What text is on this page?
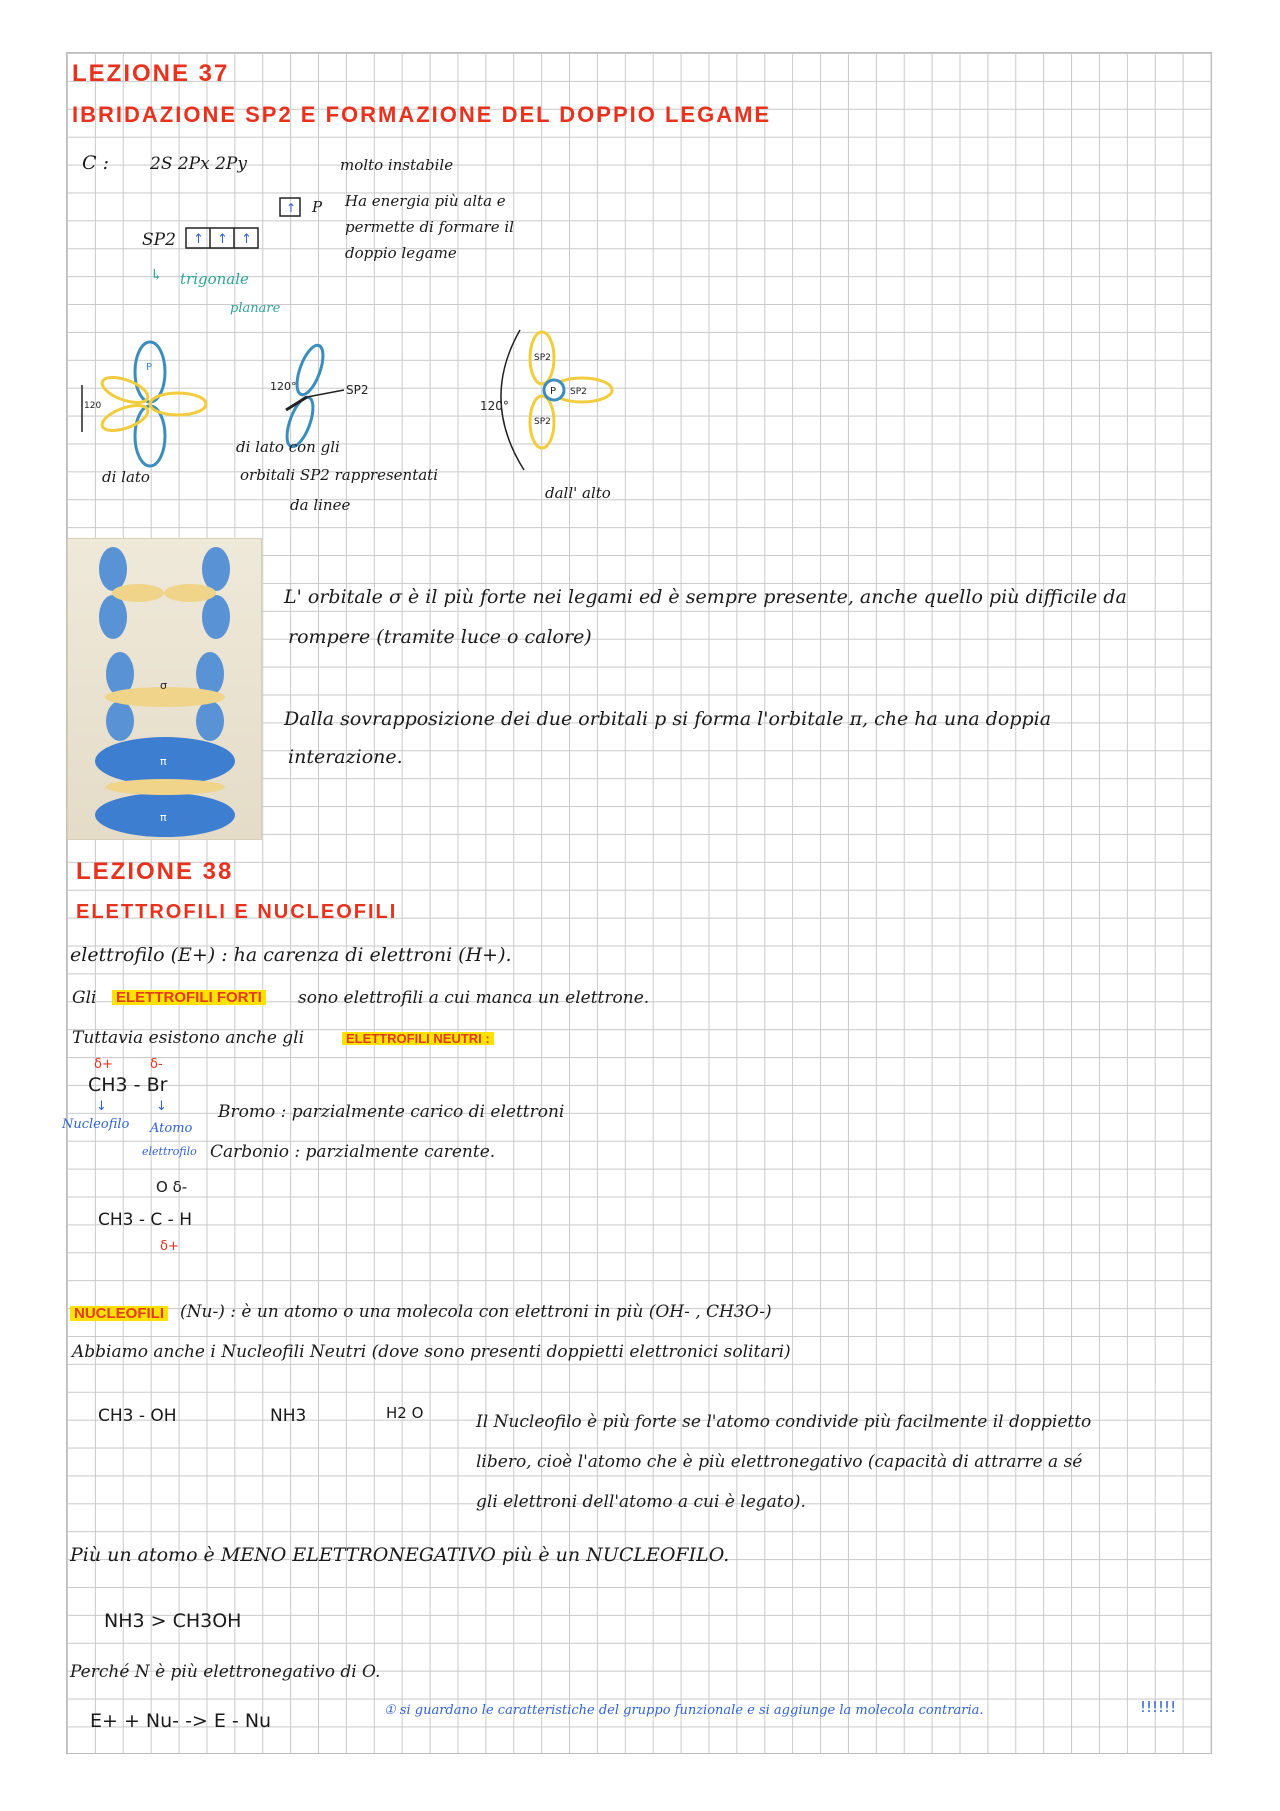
LEZIONE 37
IBRIDAZIONE SP2 E FORMAZIONE DEL DOPPIO LEGAME
C : 2S 2Px 2Py	molto instabile
↑ P Ha energia più alta e
permette di formare il
doppio legame
SP2 ↑ ↑ ↑
↳ trigonale
planare
120
P
di lato
120°	SP2
di lato con gli
orbitali SP2 rappresentati
da linee
120°
P SP2
SP2
SP2
dall' alto
σ
π
π
L' orbitale σ è il più forte nei legami ed è sempre presente, anche quello più difficile da
rompere (tramite luce o calore)
Dalla sovrapposizione dei due orbitali p si forma l'orbitale π, che ha una doppia
interazione.
LEZIONE 38
ELETTROFILI E NUCLEOFILI
elettrofilo (E+) : ha carenza di elettroni (H+).
Gli ELETTROFILI FORTI sono elettrofili a cui manca un elettrone.
Tuttavia esistono anche gli	ELETTROFILI NEUTRI :
δ+	δ-
CH3 - Br
↓	↓
Nucleofilo Atomo
elettrofilo
Bromo : parzialmente carico di elettroni
Carbonio : parzialmente carente.
O δ-
CH3 - C - H
δ+
NUCLEOFILI (Nu-) : è un atomo o una molecola con elettroni in più (OH- , CH3O-)
Abbiamo anche i Nucleofili Neutri (dove sono presenti doppietti elettronici solitari)
CH3 - OH	NH3	H2 O	Il Nucleofilo è più forte se l'atomo condivide più facilmente il doppietto
libero, cioè l'atomo che è più elettronegativo (capacità di attrarre a sé
gli elettroni dell'atomo a cui è legato).
Più un atomo è MENO ELETTRONEGATIVO più è un NUCLEOFILO.
NH3 > CH3OH
Perché N è più elettronegativo di O.
E+ + Nu- -> E - Nu	① si guardano le caratteristiche del gruppo funzionale e si aggiunge la molecola contraria.	!!!!!!
